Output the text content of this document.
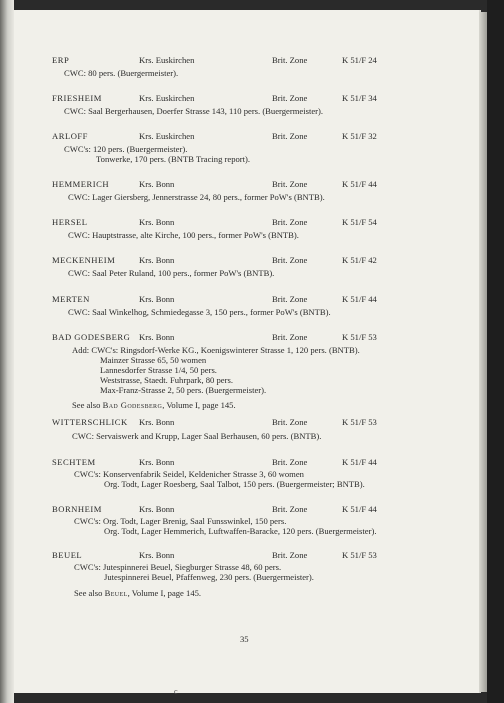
ERP	Krs. Euskirchen	Brit. Zone	K 51/F 24
CWC: 80 pers. (Buergermeister).
FRIESHEIM	Krs. Euskirchen	Brit. Zone	K 51/F 34
CWC: Saal Bergerhausen, Doerfer Strasse 143, 110 pers. (Buergermeister).
ARLOFF	Krs. Euskirchen	Brit. Zone	K 51/F 32
CWC's: 120 pers. (Buergermeister).
Tonwerke, 170 pers. (BNTB Tracing report).
HEMMERICH	Krs. Bonn	Brit. Zone	K 51/F 44
CWC: Lager Giersberg, Jennerstrasse 24, 80 pers., former PoW's (BNTB).
HERSEL	Krs. Bonn	Brit. Zone	K 51/F 54
CWC: Hauptstrasse, alte Kirche, 100 pers., former PoW's (BNTB).
MECKENHEIM	Krs. Bonn	Brit. Zone	K 51/F 42
CWC: Saal Peter Ruland, 100 pers., former PoW's (BNTB).
MERTEN	Krs. Bonn	Brit. Zone	K 51/F 44
CWC: Saal Winkelhog, Schmiedegasse 3, 150 pers., former PoW's (BNTB).
BAD GODESBERG Krs. Bonn	Brit. Zone	K 51/F 53
Add: CWC's: Ringsdorf-Werke KG., Koenigswinterer Strasse 1, 120 pers. (BNTB).
Mainzer Strasse 65, 50 women
Lannesdorfer Strasse 1/4, 50 pers.
Weststrasse, Staedt. Fuhrpark, 80 pers.
Max-Franz-Strasse 2, 50 pers. (Buergermeister).
See also Bad Godesberg, Volume I, page 145.
WITTERSCHLICK Krs. Bonn	Brit. Zone	K 51/F 53
CWC: Servaiswerk and Krupp, Lager Saal Berhausen, 60 pers. (BNTB).
SECHTEM	Krs. Bonn	Brit. Zone	K 51/F 44
CWC's: Konservenfabrik Seidel, Keldenicher Strasse 3, 60 women
Org. Todt, Lager Roesberg, Saal Talbot, 150 pers. (Buergermeister; BNTB).
BORNHEIM	Krs. Bonn	Brit. Zone	K 51/F 44
CWC's: Org. Todt, Lager Brenig, Saal Funsswinkel, 150 pers.
Org. Todt, Lager Hemmerich, Luftwaffen-Baracke, 120 pers. (Buergermeister).
BEUEL	Krs. Bonn	Brit. Zone	K 51/F 53
CWC's: Jutespinnerei Beuel, Siegburger Strasse 48, 60 pers.
Jutespinnerei Beuel, Pfaffenweg, 230 pers. (Buergermeister).
See also Beuel, Volume I, page 145.
35
c
